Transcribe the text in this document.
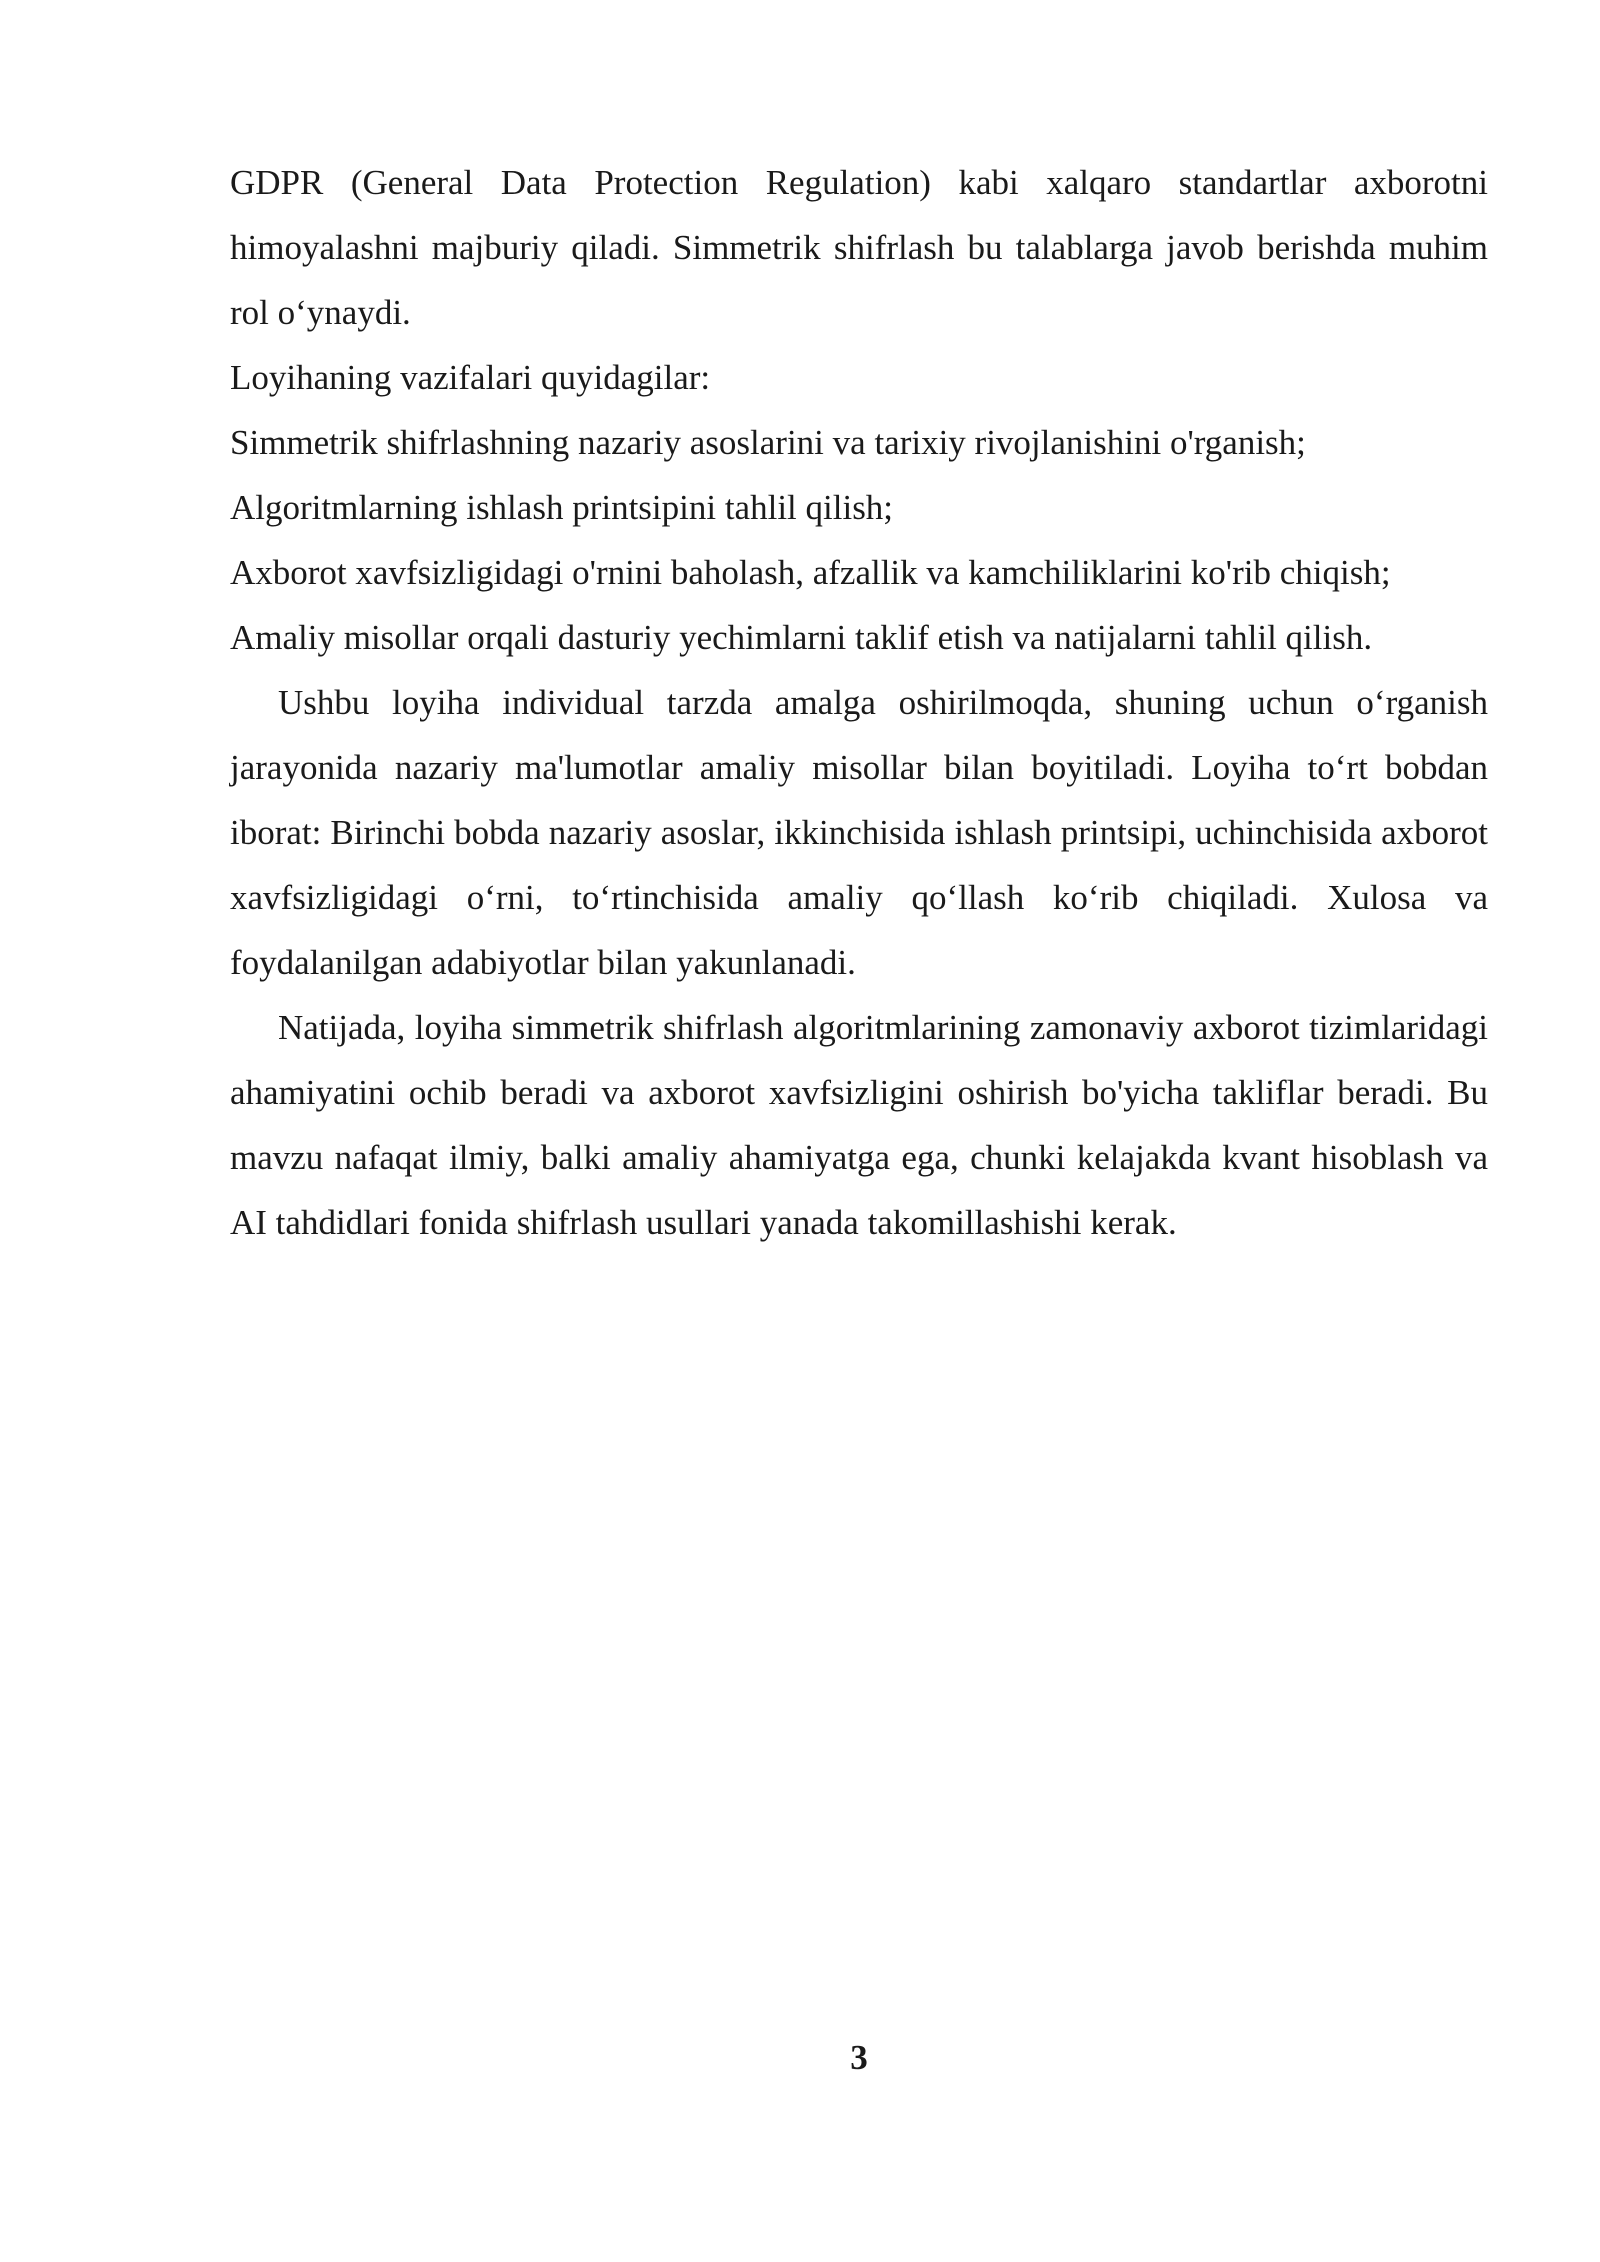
GDPR (General Data Protection Regulation) kabi xalqaro standartlar axborotni himoyalashni majburiy qiladi. Simmetrik shifrlash bu talablarga javob berishda muhim rol o‘ynaydi.

Loyihaning vazifalari quyidagilar:

Simmetrik shifrlashning nazariy asoslarini va tarixiy rivojlanishini o'rganish;

Algoritmlarning ishlash printsipini tahlil qilish;

Axborot xavfsizligidagi o'rnini baholash, afzallik va kamchiliklarini ko'rib chiqish;

Amaliy misollar orqali dasturiy yechimlarni taklif etish va natijalarni tahlil qilish.

Ushbu loyiha individual tarzda amalga oshirilmoqda, shuning uchun o‘rganish jarayonida nazariy ma'lumotlar amaliy misollar bilan boyitiladi. Loyiha to‘rt bobdan iborat: Birinchi bobda nazariy asoslar, ikkinchisida ishlash printsipi, uchinchisida axborot xavfsizligidagi o‘rni, to‘rtinchisida amaliy qo‘llash ko‘rib chiqiladi. Xulosa va foydalanilgan adabiyotlar bilan yakunlanadi.

Natijada, loyiha simmetrik shifrlash algoritmlarining zamonaviy axborot tizimlaridagi ahamiyatini ochib beradi va axborot xavfsizligini oshirish bo'yicha takliflar beradi. Bu mavzu nafaqat ilmiy, balki amaliy ahamiyatga ega, chunki kelajakda kvant hisoblash va AI tahdidlari fonida shifrlash usullari yanada takomillashishi kerak.

3
